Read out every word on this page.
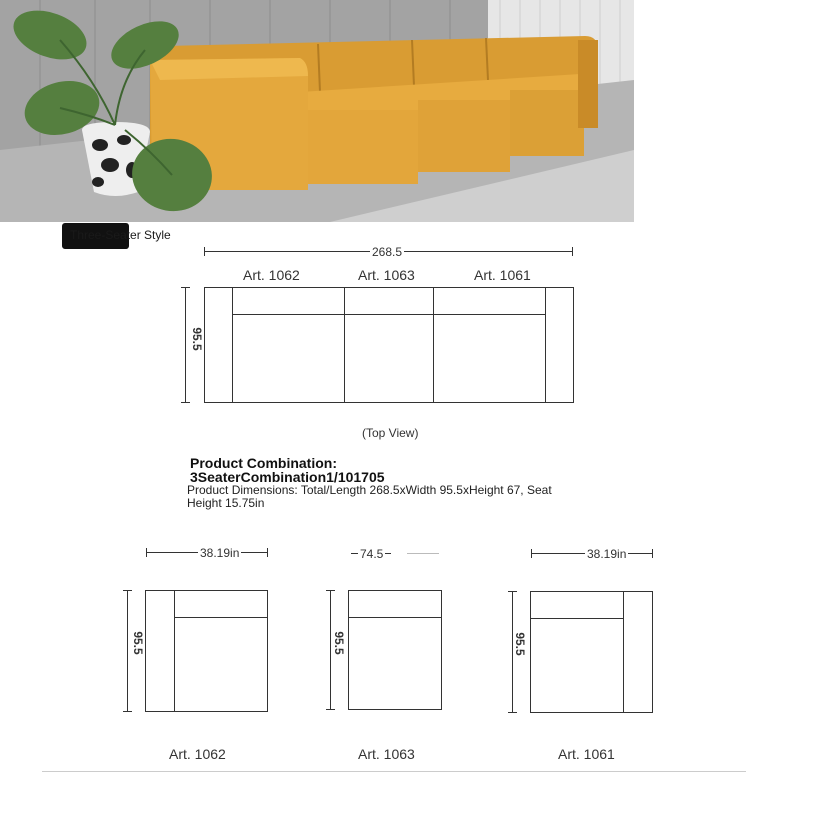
Three-Seater Style
268.5
Art. 1062	Art. 1063	Art. 1061
95.5
(Top View)
Product Combination:
3SeaterCombination1/101705
Product Dimensions: Total/Length 268.5xWidth 95.5xHeight 67, Seat Height 15.75in
38.19in
95.5
Art. 1062
74.5
95.5
Art. 1063
38.19in
95.5
Art. 1061
